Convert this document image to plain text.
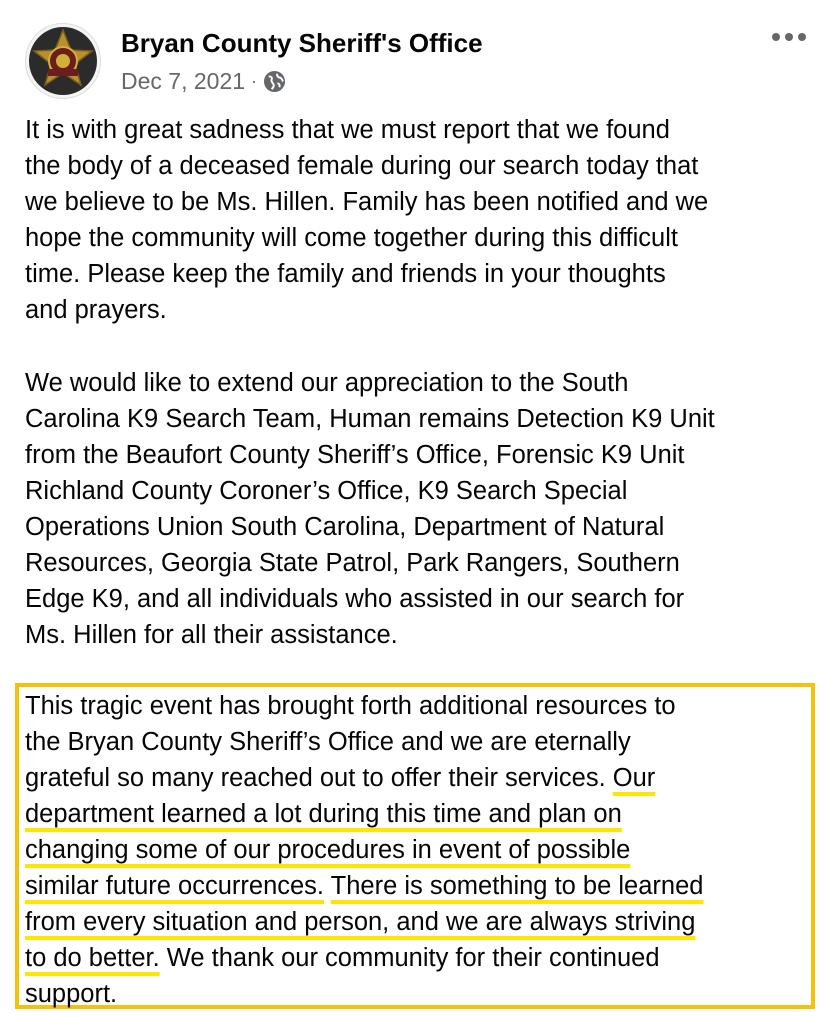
Bryan County Sheriff's Office
Dec 7, 2021 ·

It is with great sadness that we must report that we found

the body of a deceased female during our search today that

we believe to be Ms. Hillen. Family has been notified and we

hope the community will come together during this difficult

time. Please keep the family and friends in your thoughts

and prayers.

We would like to extend our appreciation to the South

Carolina K9 Search Team, Human remains Detection K9 Unit

from the Beaufort County Sheriff’s Office, Forensic K9 Unit

Richland County Coroner’s Office, K9 Search Special

Operations Union South Carolina, Department of Natural

Resources, Georgia State Patrol, Park Rangers, Southern

Edge K9, and all individuals who assisted in our search for

Ms. Hillen for all their assistance.

This tragic event has brought forth additional resources to
the Bryan County Sheriff’s Office and we are eternally
grateful so many reached out to offer their services. Our
department learned a lot during this time and plan on
changing some of our procedures in event of possible
similar future occurrences. There is something to be learned
from every situation and person, and we are always striving
to do better. We thank our community for their continued
support.
